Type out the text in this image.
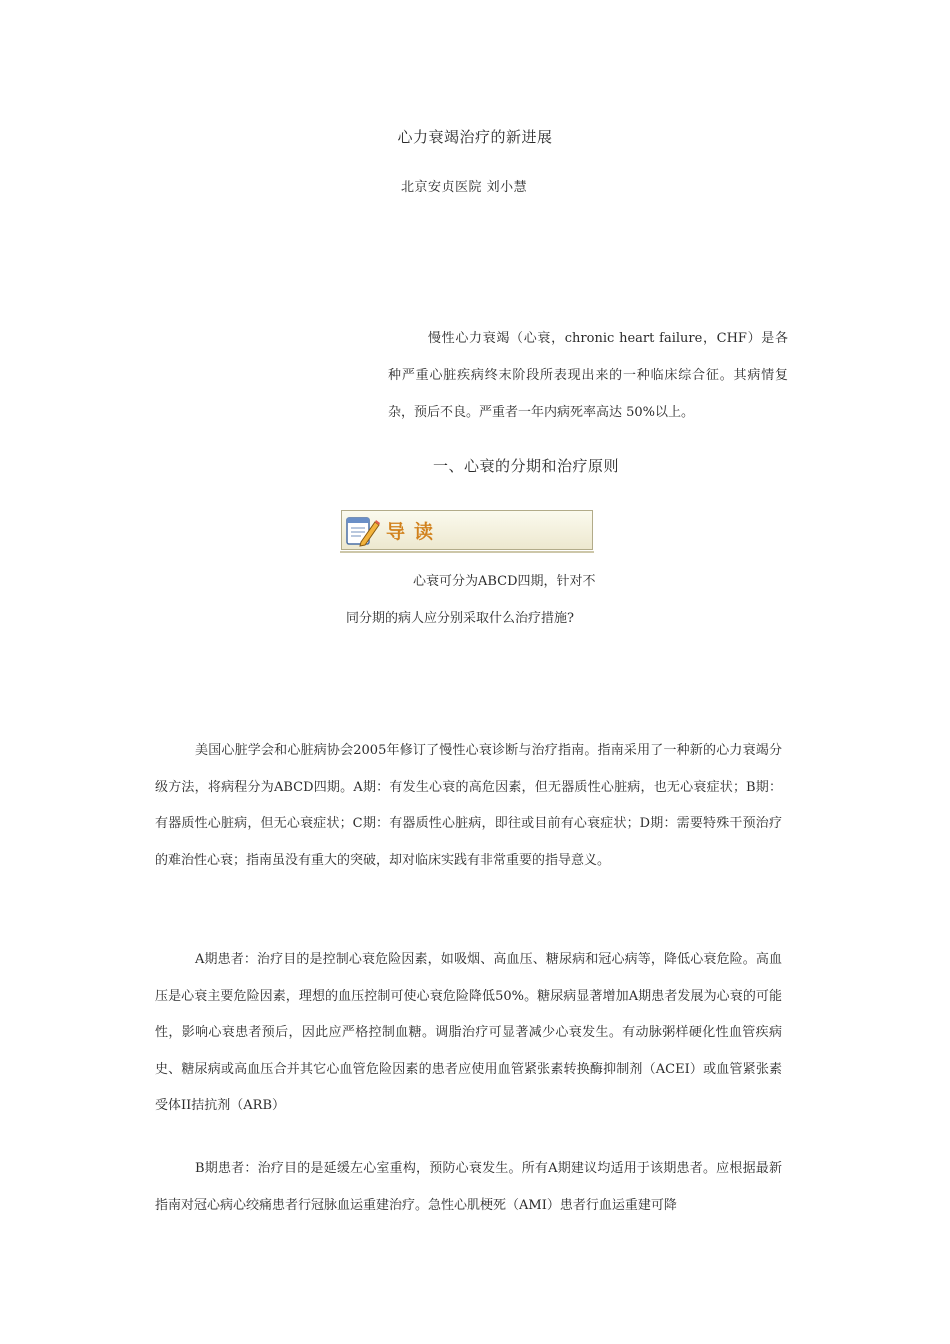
心力衰竭治疗的新进展
北京安贞医院 刘小慧

慢性心力衰竭（心衰，chronic heart failure，CHF）是各种严重心脏疾病终末阶段所表现出来的一种临床综合征。其病情复杂，预后不良。严重者一年内病死率高达 50%以上。

一、心衰的分期和治疗原则
导读

心衰可分为ABCD四期，针对不同分期的病人应分别采取什么治疗措施?

美国心脏学会和心脏病协会2005年修订了慢性心衰诊断与治疗指南。指南采用了一种新的心力衰竭分级方法，将病程分为ABCD四期。A期：有发生心衰的高危因素，但无器质性心脏病，也无心衰症状；B期：有器质性心脏病，但无心衰症状；C期：有器质性心脏病，即往或目前有心衰症状；D期：需要特殊干预治疗的难治性心衰；指南虽没有重大的突破，却对临床实践有非常重要的指导意义。

A期患者：治疗目的是控制心衰危险因素，如吸烟、高血压、糖尿病和冠心病等，降低心衰危险。高血压是心衰主要危险因素，理想的血压控制可使心衰危险降低50%。糖尿病显著增加A期患者发展为心衰的可能性，影响心衰患者预后，因此应严格控制血糖。调脂治疗可显著减少心衰发生。有动脉粥样硬化性血管疾病史、糖尿病或高血压合并其它心血管危险因素的患者应使用血管紧张素转换酶抑制剂（ACEI）或血管紧张素受体II拮抗剂（ARB）

B期患者：治疗目的是延缓左心室重构，预防心衰发生。所有A期建议均适用于该期患者。应根据最新指南对冠心病心绞痛患者行冠脉血运重建治疗。急性心肌梗死（AMI）患者行血运重建可降
